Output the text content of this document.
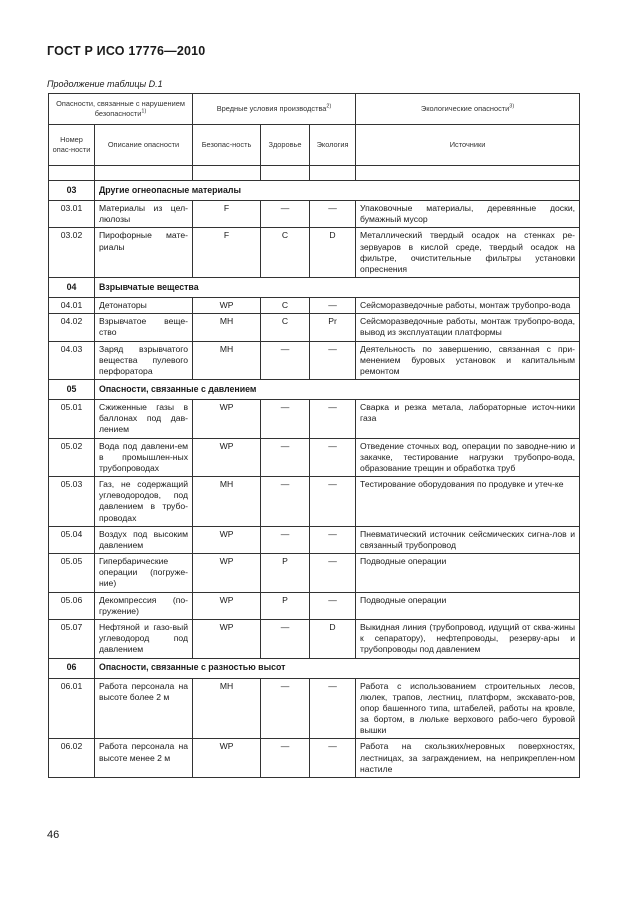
ГОСТ Р ИСО 17776—2010
Продолжение таблицы D.1
Опасности, связанные с нарушением безопасности$^{1)}$		Вредные условия производства$^{2)}$			Экологические опасности$^{3)}$
Номер опас-ности	Описание опасности	Безопас-ность	Здоровье	Экология	Источники

03	Другие огнеопасные материалы				
03.01	Материалы из цел-люлозы	F	—	—	Упаковочные материалы, деревянные доски, бумажный мусор
03.02	Пирофорные мате-риалы	F	C	D	Металлический твердый осадок на стенках ре-зервуаров в кислой среде, твердый осадок на фильтре, очистительные фильтры установки опреснения
04	Взрывчатые вещества				
04.01	Детонаторы	WP	C	—	Сейсморазведочные работы, монтаж трубопро-вода
04.02	Взрывчатое веще-ство	MH	C	Pr	Сейсморазведочные работы, монтаж трубопро-вода, вывод из эксплуатации платформы
04.03	Заряд взрывчатого вещества пулевого перфоратора	MH	—	—	Деятельность по завершению, связанная с при-менением буровых установок и капитальным ремонтом
05	Опасности, связанные с давлением				
05.01	Сжиженные газы в баллонах под дав-лением	WP	—	—	Сварка и резка метала, лабораторные источ-ники газа
05.02	Вода под давлени-ем в промышлен-ных трубопроводах	WP	—	—	Отведение сточных вод, операции по заводне-нию и закачке, тестирование нагрузки трубопро-вода, образование трещин и обработка труб
05.03	Газ, не содержащий углеводородов, под давлением в трубо-проводах	MH	—	—	Тестирование оборудования по продувке и утеч-ке
05.04	Воздух под высоким давлением	WP	—	—	Пневматический источник сейсмических сигна-лов и связанный трубопровод
05.05	Гипербарические операции (погруже-ние)	WP	P	—	Подводные операции
05.06	Декомпрессия (по-гружение)	WP	P	—	Подводные операции
05.07	Нефтяной и газо-вый углеводород под давлением	WP	—	D	Выкидная линия (трубопровод, идущий от сква-жины к сепаратору), нефтепроводы, резерву-ары и трубопроводы под давлением
06	Опасности, связанные с разностью высот				
06.01	Работа персонала на высоте более 2 м	MH	—	—	Работа с использованием строительных лесов, люлек, трапов, лестниц, платформ, экскавато-ров, опор башенного типа, штабелей, работы на кровле, за бортом, в люльке верхового рабо-чего буровой вышки
06.02	Работа персонала на высоте менее 2 м	WP	—	—	Работа на скользких/неровных поверхностях, лестницах, за заграждением, на неприкреплен-ном настиле
46
